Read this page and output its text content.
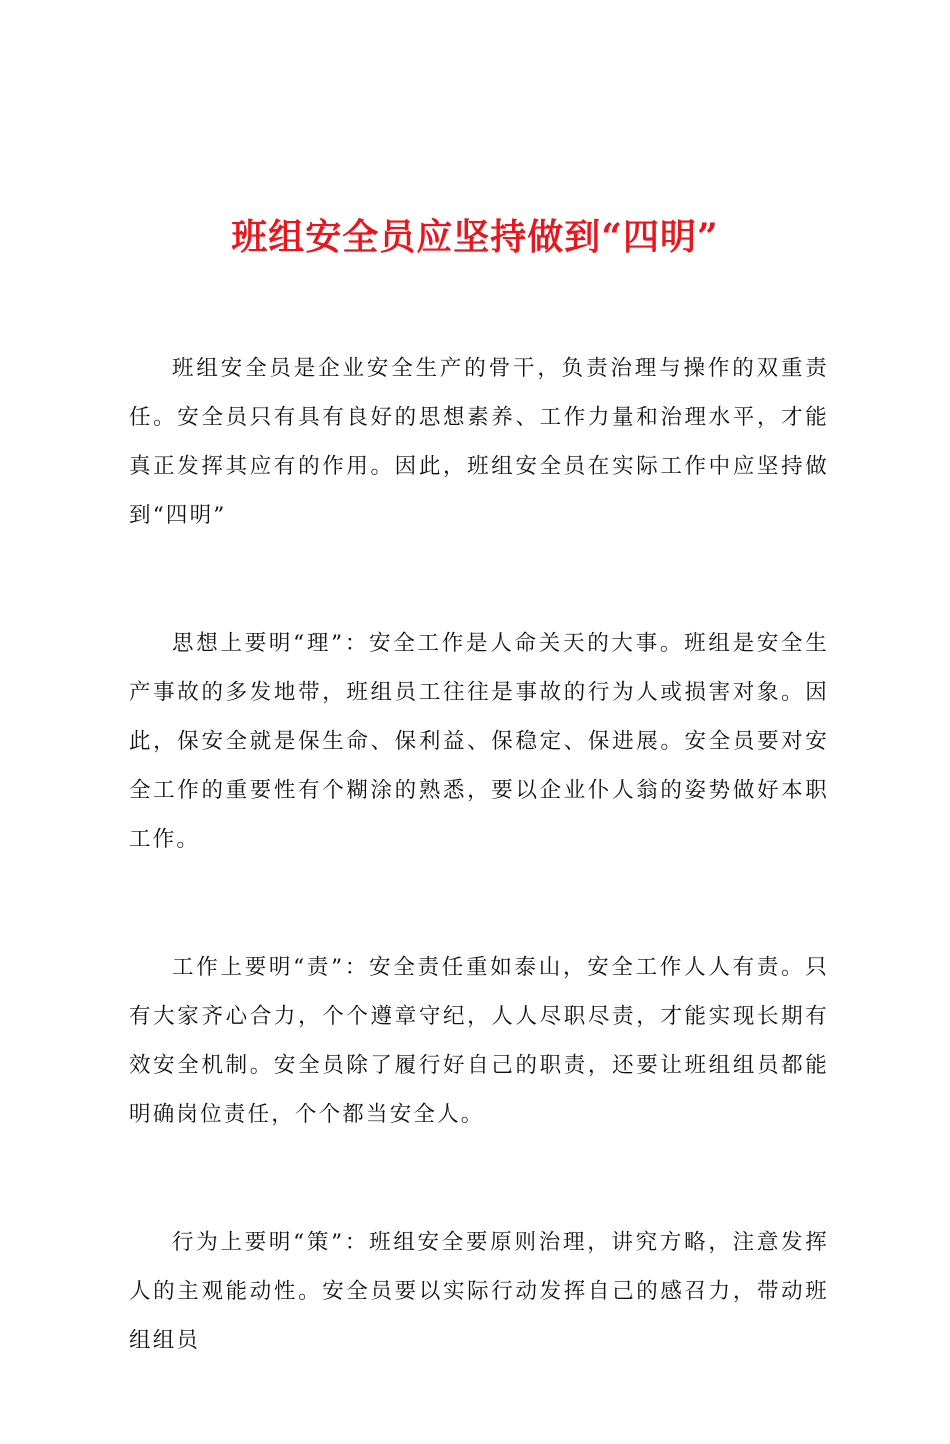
班组安全员应坚持做到“四明”

班组安全员是企业安全生产的骨干，负责治理与操作的双重责任。安全员只有具有良好的思想素养、工作力量和治理水平，才能真正发挥其应有的作用。因此，班组安全员在实际工作中应坚持做到“四明”

思想上要明“理”：安全工作是人命关天的大事。班组是安全生产事故的多发地带，班组员工往往是事故的行为人或损害对象。因此，保安全就是保生命、保利益、保稳定、保进展。安全员要对安全工作的重要性有个糊涂的熟悉，要以企业仆人翁的姿势做好本职工作。

工作上要明“责”：安全责任重如泰山，安全工作人人有责。只有大家齐心合力，个个遵章守纪，人人尽职尽责，才能实现长期有效安全机制。安全员除了履行好自己的职责，还要让班组组员都能明确岗位责任，个个都当安全人。

行为上要明“策”：班组安全要原则治理，讲究方略，注意发挥人的主观能动性。安全员要以实际行动发挥自己的感召力，带动班组组员
